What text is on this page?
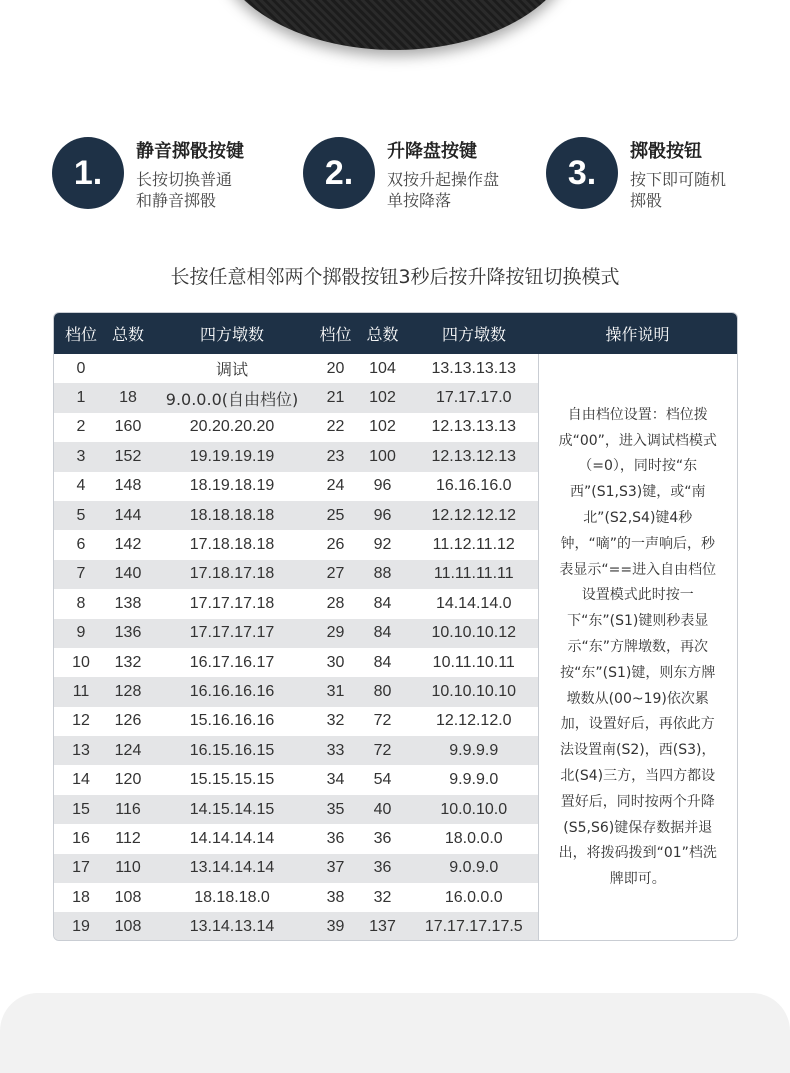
1.
静音掷骰按键
长按切换普通
和静音掷骰
2.
升降盘按键
双按升起操作盘
单按降落
3.
掷骰按钮
按下即可随机
掷骰
长按任意相邻两个掷骰按钮3秒后按升降按钮切换模式
档位	总数	四方墩数	档位	总数	四方墩数	操作说明
0		调试	20	104	13.13.13.13	自由档位设置：档位拨成“00”，进入调试档模式（=0），同时按“东西”(S1,S3)键，或“南北”(S2,S4)键4秒钟，“嘀”的一声响后，秒表显示“==进入自由档位设置模式此时按一下“东”(S1)键则秒表显示“东”方牌墩数，再次按“东”(S1)键，则东方牌墩数从(00~19)依次累加，设置好后，再依此方法设置南(S2)，西(S3)，北(S4)三方，当四方都设置好后，同时按两个升降(S5,S6)键保存数据并退出，将拨码拨到“01”档洗牌即可。
1	18	9.0.0.0(自由档位)	21	102	17.17.17.0	
2	160	20.20.20.20	22	102	12.13.13.13	
3	152	19.19.19.19	23	100	12.13.12.13	
4	148	18.19.18.19	24	96	16.16.16.0	
5	144	18.18.18.18	25	96	12.12.12.12	
6	142	17.18.18.18	26	92	11.12.11.12	
7	140	17.18.17.18	27	88	11.11.11.11	
8	138	17.17.17.18	28	84	14.14.14.0	
9	136	17.17.17.17	29	84	10.10.10.12	
10	132	16.17.16.17	30	84	10.11.10.11	
11	128	16.16.16.16	31	80	10.10.10.10	
12	126	15.16.16.16	32	72	12.12.12.0	
13	124	16.15.16.15	33	72	9.9.9.9	
14	120	15.15.15.15	34	54	9.9.9.0	
15	116	14.15.14.15	35	40	10.0.10.0	
16	112	14.14.14.14	36	36	18.0.0.0	
17	110	13.14.14.14	37	36	9.0.9.0	
18	108	18.18.18.0	38	32	16.0.0.0	
19	108	13.14.13.14	39	137	17.17.17.17.5	
